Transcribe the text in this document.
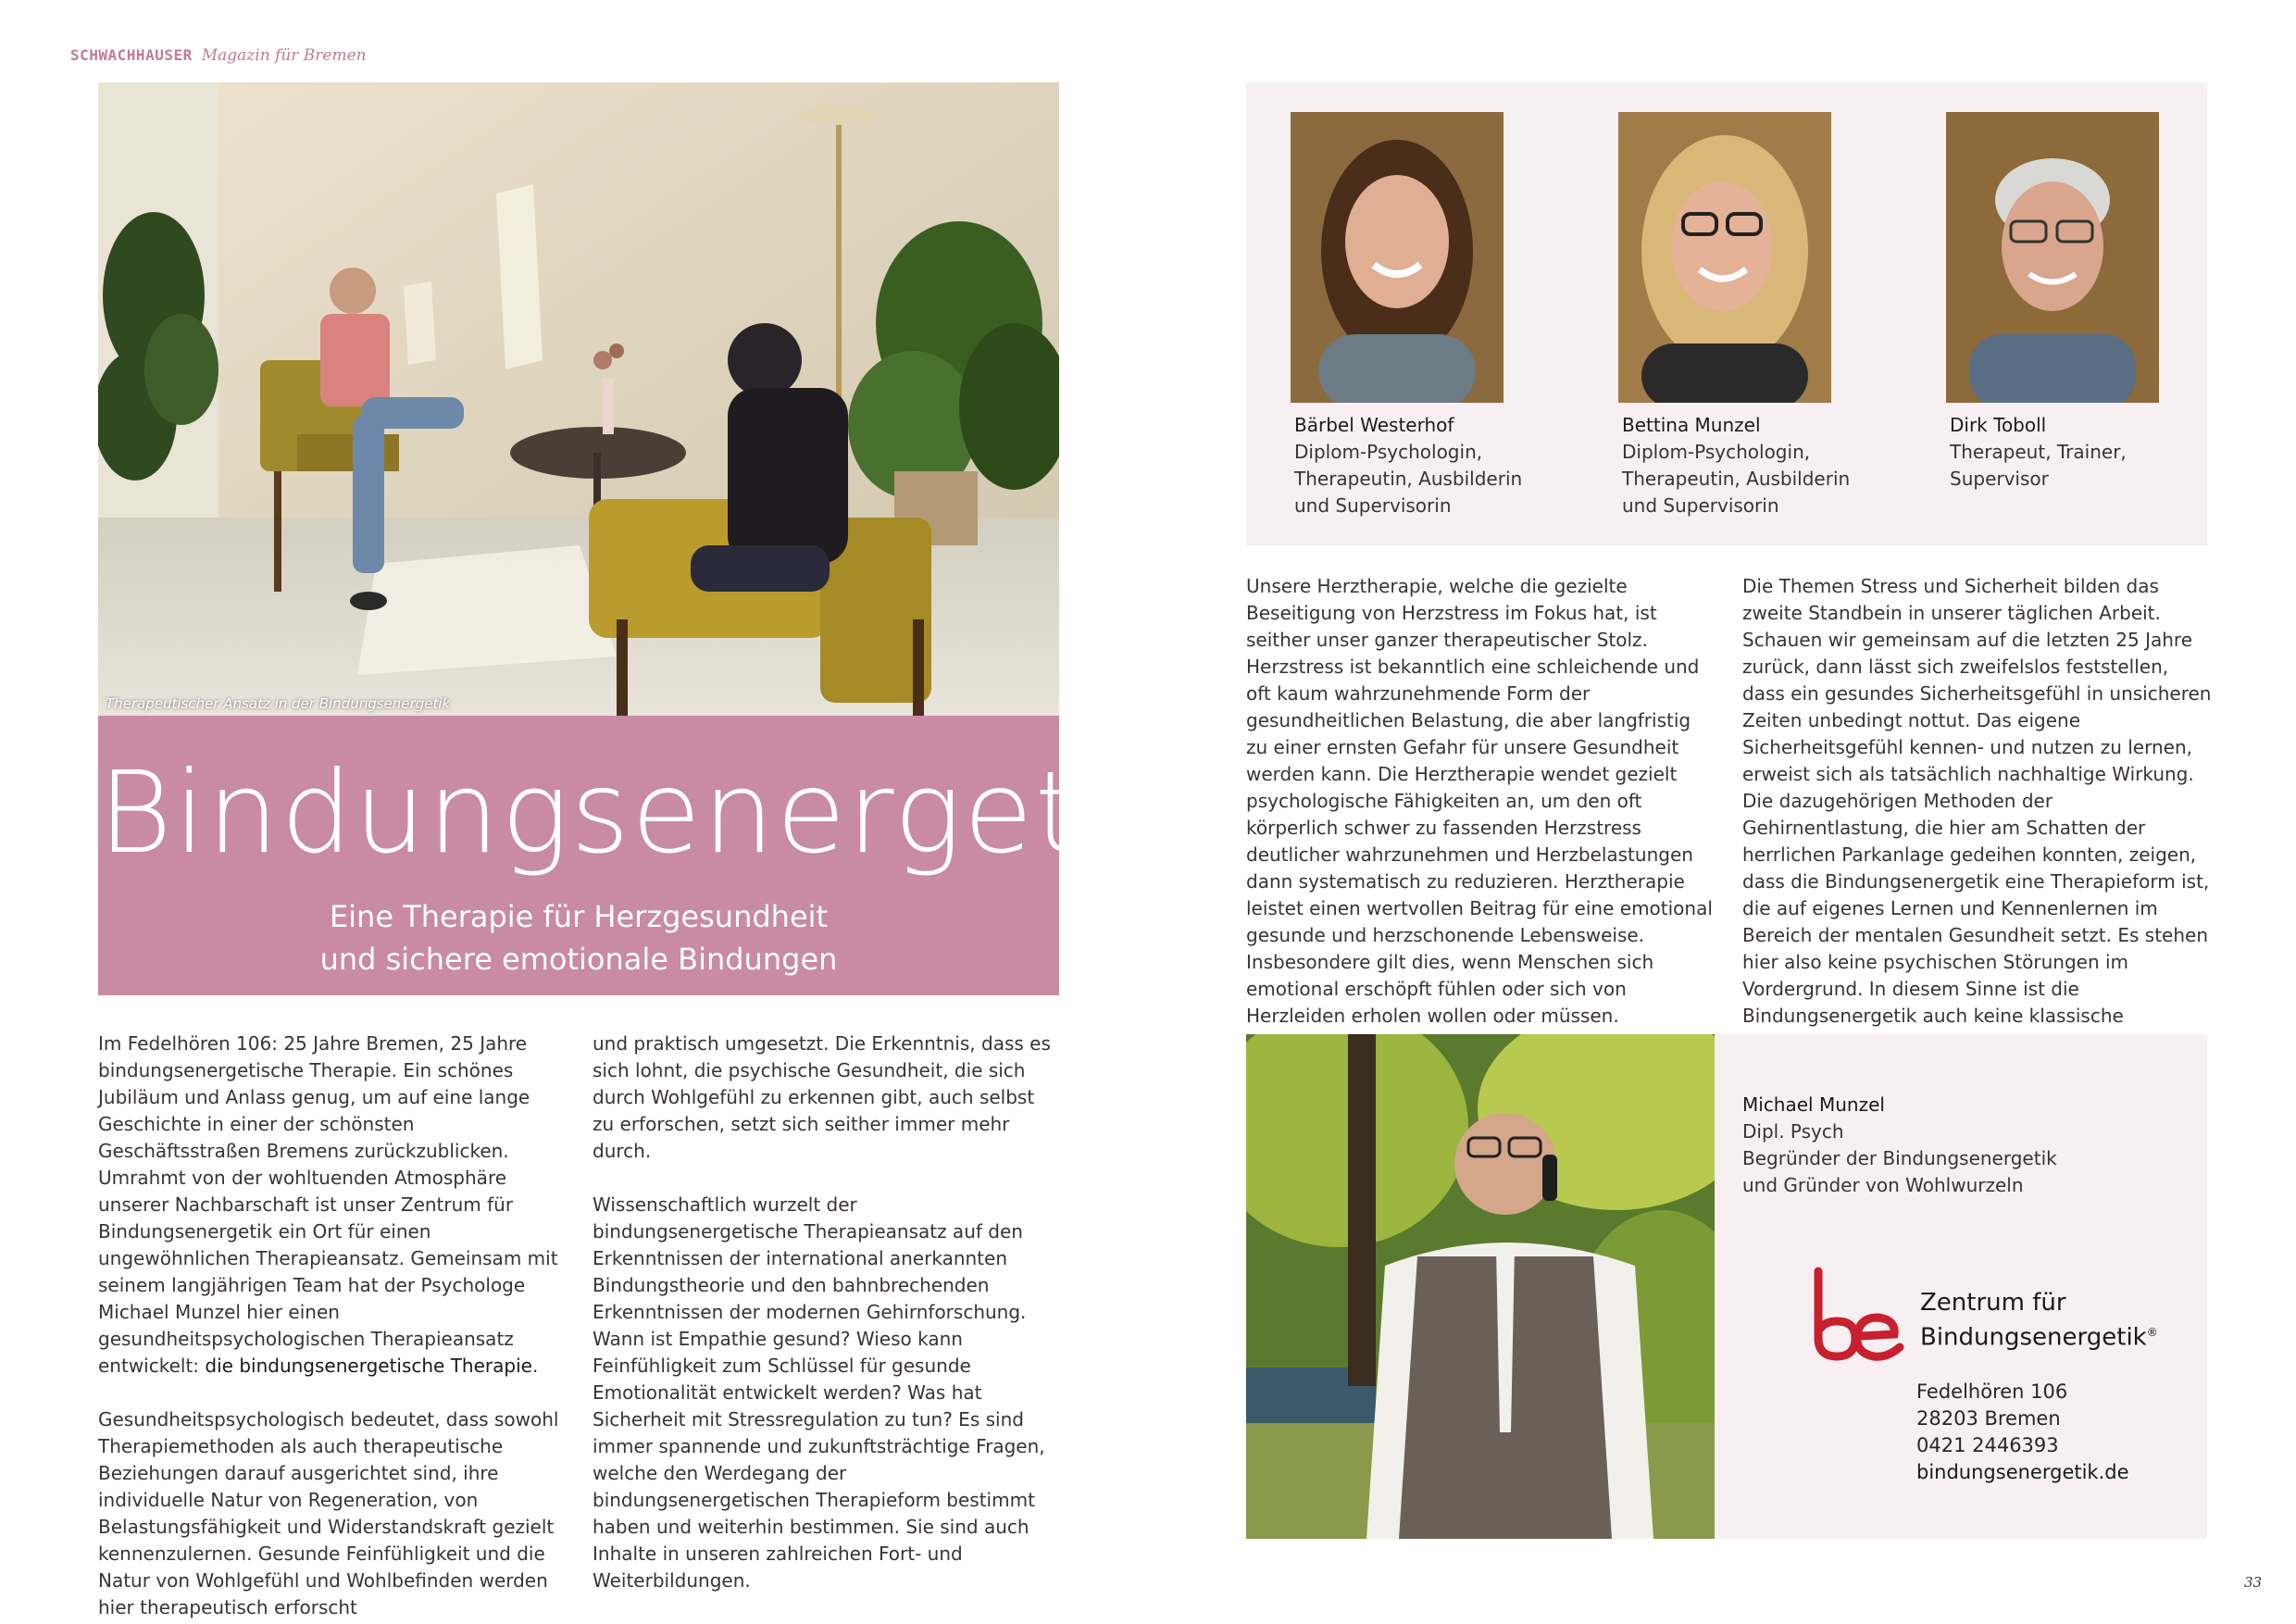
SCHWACHHAUSER Magazin für Bremen
Therapeutischer Ansatz in der Bindungsenergetik
Bindungsenergetik
Eine Therapie für Herzgesundheit
und sichere emotionale Bindungen

Im Fedelhören 106: 25 Jahre Bremen, 25 Jahre bindungsenergetische Therapie. Ein schönes Jubiläum und Anlass genug, um auf eine lange Geschichte in einer der schönsten Geschäftsstraßen Bremens zurückzublicken. Umrahmt von der wohltuenden Atmosphäre unserer Nachbarschaft ist unser Zentrum für Bindungsenergetik ein Ort für einen ungewöhnlichen Therapieansatz. Gemeinsam mit seinem langjährigen Team hat der Psychologe Michael Munzel hier einen gesundheitspsychologischen Therapieansatz entwickelt: die bindungsenergetische Therapie.

Gesundheitspsychologisch bedeutet, dass sowohl Therapiemethoden als auch therapeutische Beziehungen darauf ausgerichtet sind, ihre individuelle Natur von Regeneration, von Belastungsfähigkeit und Widerstandskraft gezielt kennenzulernen. Gesunde Feinfühligkeit und die Natur von Wohlgefühl und Wohlbefinden werden hier therapeutisch erforscht

und praktisch umgesetzt. Die Erkenntnis, dass es sich lohnt, die psychische Gesundheit, die sich durch Wohlgefühl zu erkennen gibt, auch selbst zu erforschen, setzt sich seither immer mehr durch.

Wissenschaftlich wurzelt der bindungsenergetische Therapieansatz auf den Erkenntnissen der international anerkannten Bindungstheorie und den bahnbrechenden Erkenntnissen der modernen Gehirnforschung. Wann ist Empathie gesund? Wieso kann Feinfühligkeit zum Schlüssel für gesunde Emotionalität entwickelt werden? Was hat Sicherheit mit Stressregulation zu tun? Es sind immer spannende und zukunftsträchtige Fragen, welche den Werdegang der bindungsenergetischen Therapieform bestimmt haben und weiterhin bestimmen. Sie sind auch Inhalte in unseren zahlreichen Fort- und Weiterbildungen.

Bärbel Westerhof
Diplom-Psychologin,
Therapeutin, Ausbilderin
und Supervisorin
Bettina Munzel
Diplom-Psychologin,
Therapeutin, Ausbilderin
und Supervisorin
Dirk Toboll
Therapeut, Trainer,
Supervisor

Unsere Herztherapie, welche die gezielte Beseitigung von Herzstress im Fokus hat, ist seither unser ganzer therapeutischer Stolz. Herzstress ist bekanntlich eine schleichende und oft kaum wahrzunehmende Form der gesundheitlichen Belastung, die aber langfristig zu einer ernsten Gefahr für unsere Gesundheit werden kann. Die Herztherapie wendet gezielt psychologische Fähigkeiten an, um den oft körperlich schwer zu fassenden Herzstress deutlicher wahrzunehmen und Herzbelastungen dann systematisch zu reduzieren. Herztherapie leistet einen wertvollen Beitrag für eine emotional gesunde und herzschonende Lebensweise. Insbesondere gilt dies, wenn Menschen sich emotional erschöpft fühlen oder sich von Herzleiden erholen wollen oder müssen.

Die Themen Stress und Sicherheit bilden das zweite Standbein in unserer täglichen Arbeit. Schauen wir gemeinsam auf die letzten 25 Jahre zurück, dann lässt sich zweifelslos feststellen, dass ein gesundes Sicherheitsgefühl in unsicheren Zeiten unbedingt nottut. Das eigene Sicherheitsgefühl kennen- und nutzen zu lernen, erweist sich als tatsächlich nachhaltige Wirkung. Die dazugehörigen Methoden der Gehirnentlastung, die hier am Schatten der herrlichen Parkanlage gedeihen konnten, zeigen, dass die Bindungsenergetik eine Therapieform ist, die auf eigenes Lernen und Kennenlernen im Bereich der mentalen Gesundheit setzt. Es stehen hier also keine psychischen Störungen im Vordergrund. In diesem Sinne ist die Bindungsenergetik auch keine klassische

Michael Munzel
Dipl. Psych
Begründer der Bindungsenergetik
und Gründer von Wohlwurzeln
Zentrum für
Bindungsenergetik®
Fedelhören 106
28203 Bremen
0421 2446393
bindungsenergetik.de
33
